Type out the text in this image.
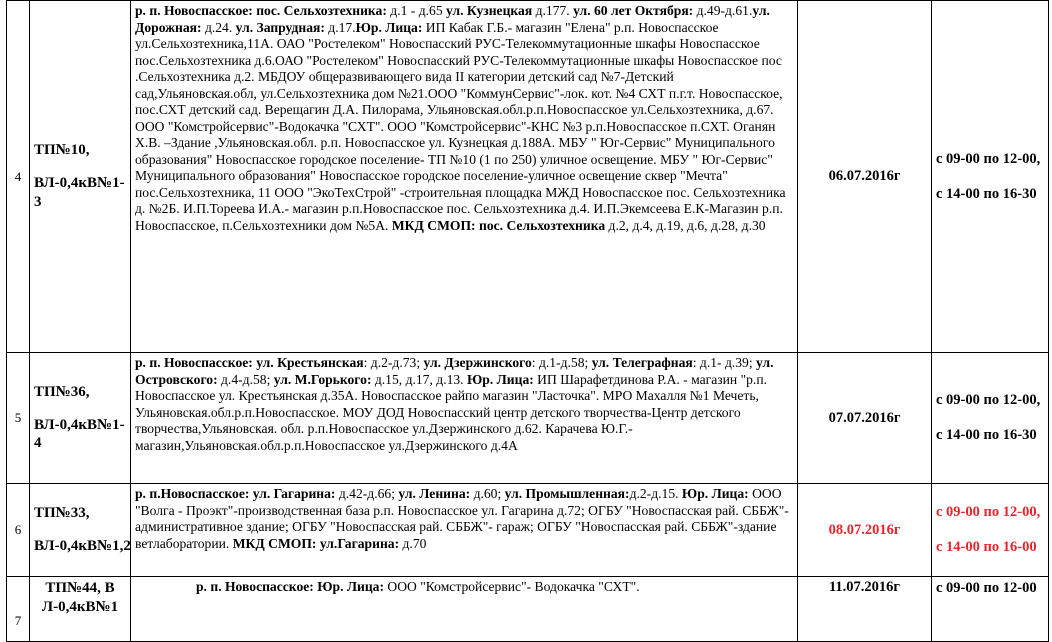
4	ТП№10,
ВЛ-0,4кВ№1-3	р. п. Новоспасское: пос. Сельхозтехника: д.1 - д.65 ул. Кузнецкая д.177. ул. 60 лет Октября: д.49-д.61.ул. Дорожная: д.24. ул. Запрудная: д.17.Юр. Лица: ИП Кабак Г.Б.- магазин "Елена" р.п. Новоспасское ул.Сельхозтехника,11А. ОАО "Ростелеком" Новоспасский РУС-Телекоммутационные шкафы Новоспасское пос.Сельхозтехника д.6.ОАО "Ростелеком" Новоспасский РУС-Телекоммутационные шкафы Новоспасское пос .Сельхозтехника д.2. МБДОУ общеразвивающего вида II категории детский сад №7-Детский сад,Ульяновская.обл, ул.Сельхозтехника дом №21.ООО "КоммунСервис"-лок. кот. №4 СХТ п.г.т. Новоспасское, пос.СХТ детский сад. Верещагин Д.А. Пилорама, Ульяновская.обл.р.п.Новоспасское ул.Сельхозтехника, д.67. ООО "Комстройсервис"-Водокачка "СХТ". ООО "Комстройсервис"-КНС №3 р.п.Новоспасское п.СХТ. Оганян Х.В. –Здание ,Ульяновская.обл. р.п. Новоспасское ул. Кузнецкая д.188А. МБУ " Юг-Сервис" Муниципального образования" Новоспасское городское поселение- ТП №10 (1 по 250) уличное освещение. МБУ " Юг-Сервис" Муниципального образования" Новоспасское городское поселение-уличное освещение сквер "Мечта" пос.Сельхозтехника, 11 ООО "ЭкоТехСтрой" -строительная площадка МЖД Новоспасское пос. Сельхозтехника д. №2Б. И.П.Тореева И.А.- магазин р.п.Новоспасское пос. Сельхозтехника д.4. И.П.Экемсеева Е.К-Магазин р.п. Новоспасское, п.Сельхозтехники дом №5А. МКД СМОП: пос. Сельхозтехника д.2, д.4, д.19, д.6, д.28, д.30	06.07.2016г	с 09-00 по 12-00,
с 14-00 по 16-30

5	ТП№36,
ВЛ-0,4кВ№1-4	р. п. Новоспасское: ул. Крестьянская: д.2-д.73; ул. Дзержинского: д.1-д.58; ул. Телеграфная: д.1- д.39; ул. Островского: д.4-д.58; ул. М.Горького: д.15, д.17, д.13. Юр. Лица: ИП Шарафетдинова Р.А. - магазин "р.п. Новоспасское ул. Крестьянская д.35А. Новоспасское райпо магазин "Ласточка". МРО Махалля №1 Мечеть, Ульяновская.обл.р.п.Новоспасское. МОУ ДОД Новоспасский центр детского творчества-Центр детского творчества,Ульяновская. обл. р.п.Новоспасское ул.Дзержинского д.62. Карачева Ю.Г.- магазин,Ульяновская.обл.р.п.Новоспасское ул.Дзержинского д.4А	07.07.2016г	с 09-00 по 12-00,
с 14-00 по 16-30

6	ТП№33,
ВЛ-0,4кВ№1,2	р. п.Новоспасское: ул. Гагарина: д.42-д.66; ул. Ленина: д.60; ул. Промышленная:д.2-д.15. Юр. Лица: ООО "Волга - Проэкт"-производственная база р.п. Новоспасское ул. Гагарина д.72; ОГБУ "Новоспасская рай. СББЖ"- административное здание; ОГБУ "Новоспасская рай. СББЖ"- гараж; ОГБУ "Новоспасская рай. СББЖ"-здание ветлаборатории. МКД СМОП: ул.Гагарина: д.70	08.07.2016г	с 09-00 по 12-00,
с 14-00 по 16-00

7	ТП№44, В Л-0,4кВ№1	р. п. Новоспасское: Юр. Лица: ООО "Комстройсервис"- Водокачка "СХТ".	11.07.2016г	с 09-00 по 12-00
